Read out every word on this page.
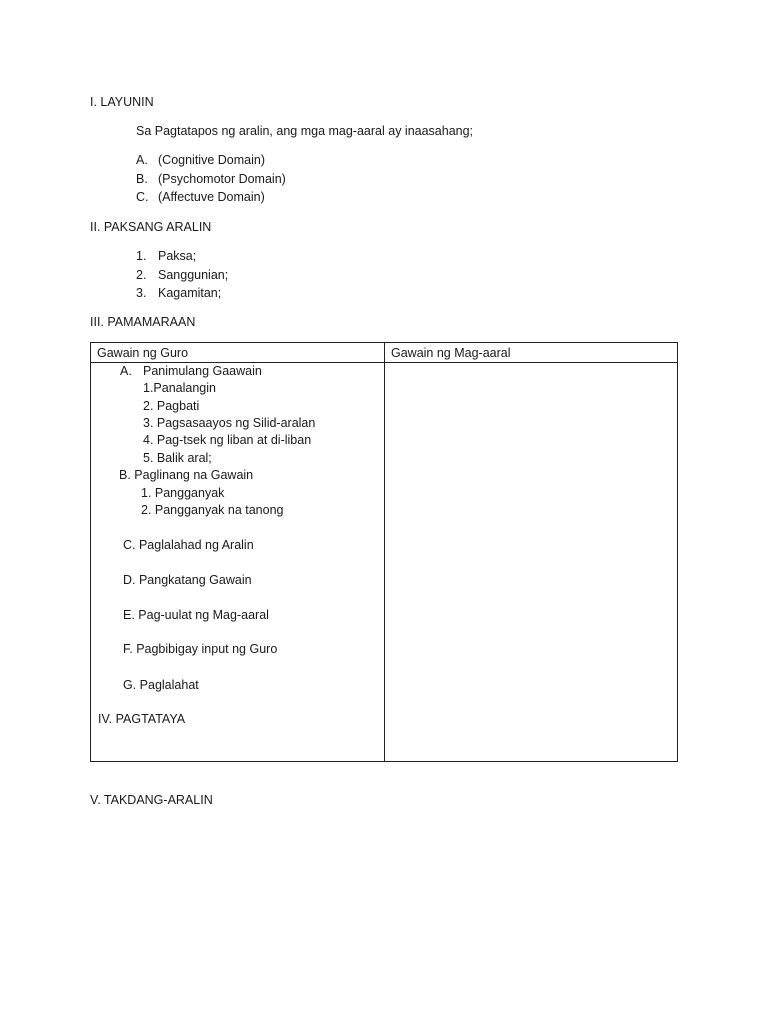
I. LAYUNIN
Sa Pagtatapos ng aralin, ang mga mag-aaral ay inaasahang;
A. (Cognitive Domain)
B. (Psychomotor Domain)
C. (Affectuve Domain)
II. PAKSANG ARALIN
1. Paksa;
2. Sanggunian;
3. Kagamitan;
III. PAMAMARAAN
Gawain ng Guro	Gawain ng Mag-aaral
A. Panimulang Gaawain
1.Panalangin
2. Pagbati
3. Pagsasaayos ng Silid-aralan
4. Pag-tsek ng liban at di-liban
5. Balik aral;
B. Paglinang na Gawain
1. Pangganyak
2. Pangganyak na tanong
C. Paglalahad ng Aralin
D. Pangkatang Gawain
E. Pag-uulat ng Mag-aaral
F. Pagbibigay input ng Guro
G. Paglalahat
IV. PAGTATAYA
V. TAKDANG-ARALIN
